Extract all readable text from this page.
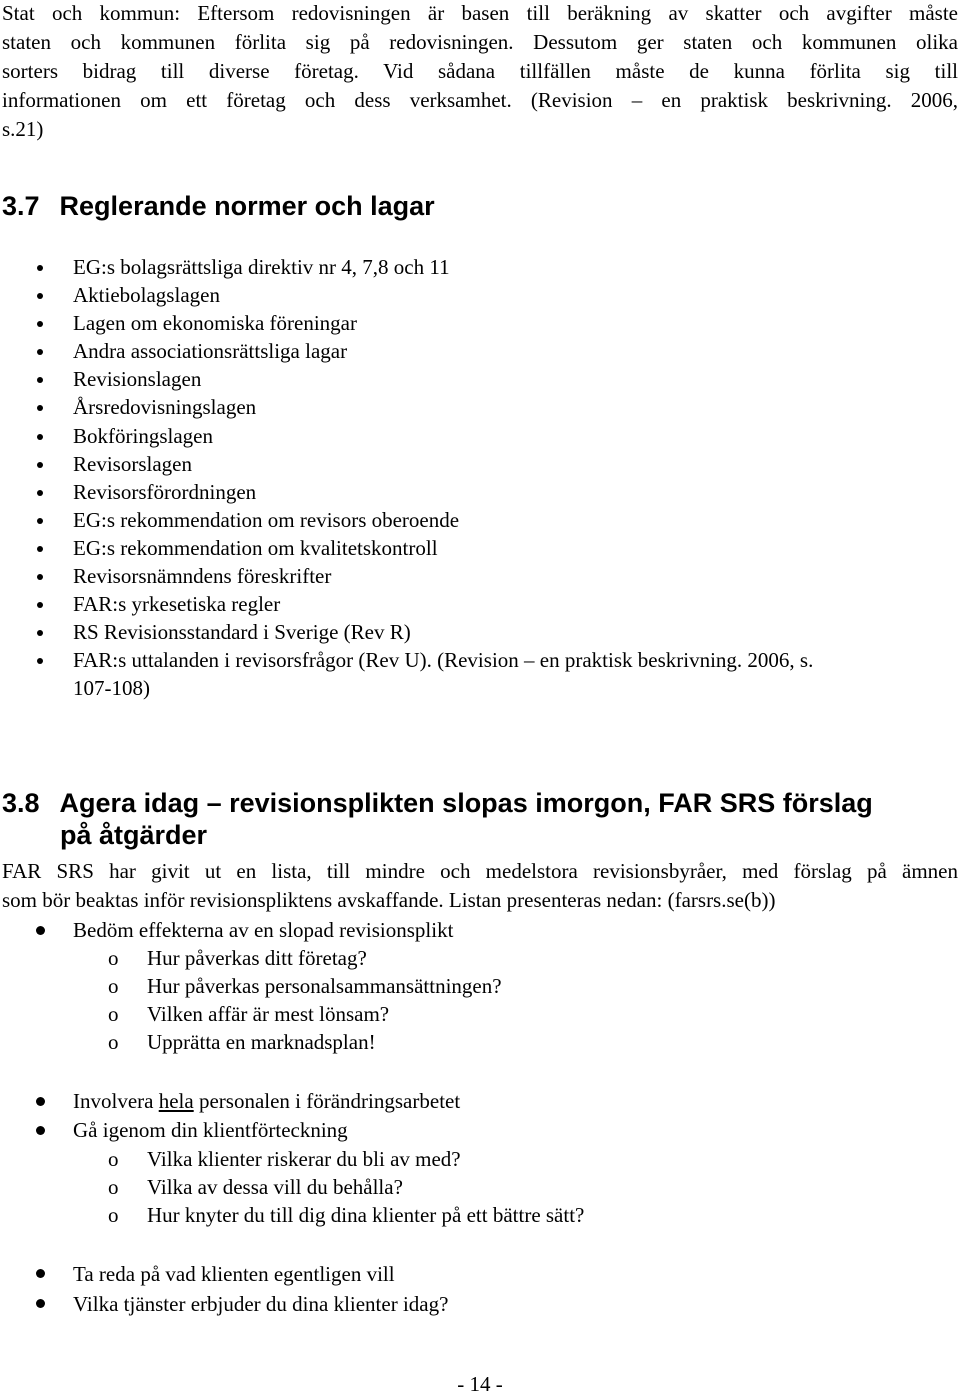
Stat och kommun: Eftersom redovisningen är basen till beräkning av skatter och avgifter måste
staten och kommunen förlita sig på redovisningen. Dessutom ger staten och kommunen olika
sorters bidrag till diverse företag. Vid sådana tillfällen måste de kunna förlita sig till
informationen om ett företag och dess verksamhet. (Revision – en praktisk beskrivning. 2006,
s.21)
3.7 Reglerande normer och lagar
EG:s bolagsrättsliga direktiv nr 4, 7,8 och 11
Aktiebolagslagen
Lagen om ekonomiska föreningar
Andra associationsrättsliga lagar
Revisionslagen
Årsredovisningslagen
Bokföringslagen
Revisorslagen
Revisorsförordningen
EG:s rekommendation om revisors oberoende
EG:s rekommendation om kvalitetskontroll
Revisorsnämndens föreskrifter
FAR:s yrkesetiska regler
RS Revisionsstandard i Sverige (Rev R)
FAR:s uttalanden i revisorsfrågor (Rev U). (Revision – en praktisk beskrivning. 2006, s.
107-108)
3.8 Agera idag – revisionsplikten slopas imorgon, FAR SRS förslag
på åtgärder
FAR SRS har givit ut en lista, till mindre och medelstora revisionsbyråer, med förslag på ämnen
som bör beaktas inför revisionspliktens avskaffande. Listan presenteras nedan: (farsrs.se(b))
Bedöm effekterna av en slopad revisionsplikt
o Hur påverkas ditt företag?
o Hur påverkas personalsammansättningen?
o Vilken affär är mest lönsam?
o Upprätta en marknadsplan!
Involvera hela personalen i förändringsarbetet
Gå igenom din klientförteckning
o Vilka klienter riskerar du bli av med?
o Vilka av dessa vill du behålla?
o Hur knyter du till dig dina klienter på ett bättre sätt?
Ta reda på vad klienten egentligen vill
Vilka tjänster erbjuder du dina klienter idag?
- 14 -
